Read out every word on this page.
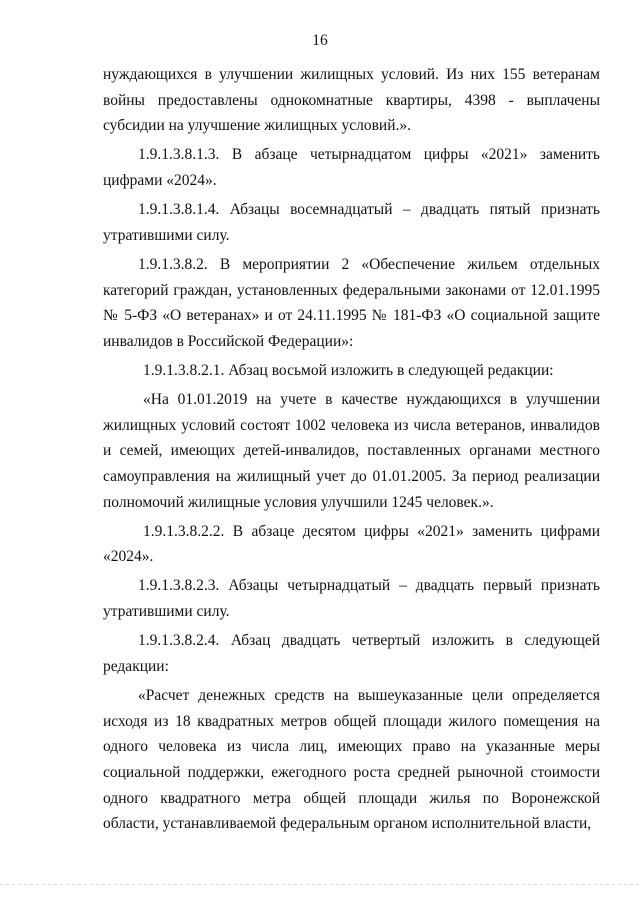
16

нуждающихся в улучшении жилищных условий. Из них 155 ветеранам войны предоставлены однокомнатные квартиры, 4398 - выплачены субсидии на улучшение жилищных условий.».

1.9.1.3.8.1.3. В абзаце четырнадцатом цифры «2021» заменить цифрами «2024».

1.9.1.3.8.1.4. Абзацы восемнадцатый – двадцать пятый признать утратившими силу.

1.9.1.3.8.2. В мероприятии 2 «Обеспечение жильем отдельных категорий граждан, установленных федеральными законами от 12.01.1995 № 5-ФЗ «О ветеранах» и от 24.11.1995 № 181-ФЗ «О социальной защите инвалидов в Российской Федерации»:

1.9.1.3.8.2.1. Абзац восьмой изложить в следующей редакции:

«На 01.01.2019 на учете в качестве нуждающихся в улучшении жилищных условий состоят 1002 человека из числа ветеранов, инвалидов и семей, имеющих детей-инвалидов, поставленных органами местного самоуправления на жилищный учет до 01.01.2005. За период реализации полномочий жилищные условия улучшили 1245 человек.».

1.9.1.3.8.2.2. В абзаце десятом цифры «2021» заменить цифрами «2024».

1.9.1.3.8.2.3. Абзацы четырнадцатый – двадцать первый признать утратившими силу.

1.9.1.3.8.2.4. Абзац двадцать четвертый изложить в следующей редакции:

«Расчет денежных средств на вышеуказанные цели определяется исходя из 18 квадратных метров общей площади жилого помещения на одного человека из числа лиц, имеющих право на указанные меры социальной поддержки, ежегодного роста средней рыночной стоимости одного квадратного метра общей площади жилья по Воронежской области, устанавливаемой федеральным органом исполнительной власти,
